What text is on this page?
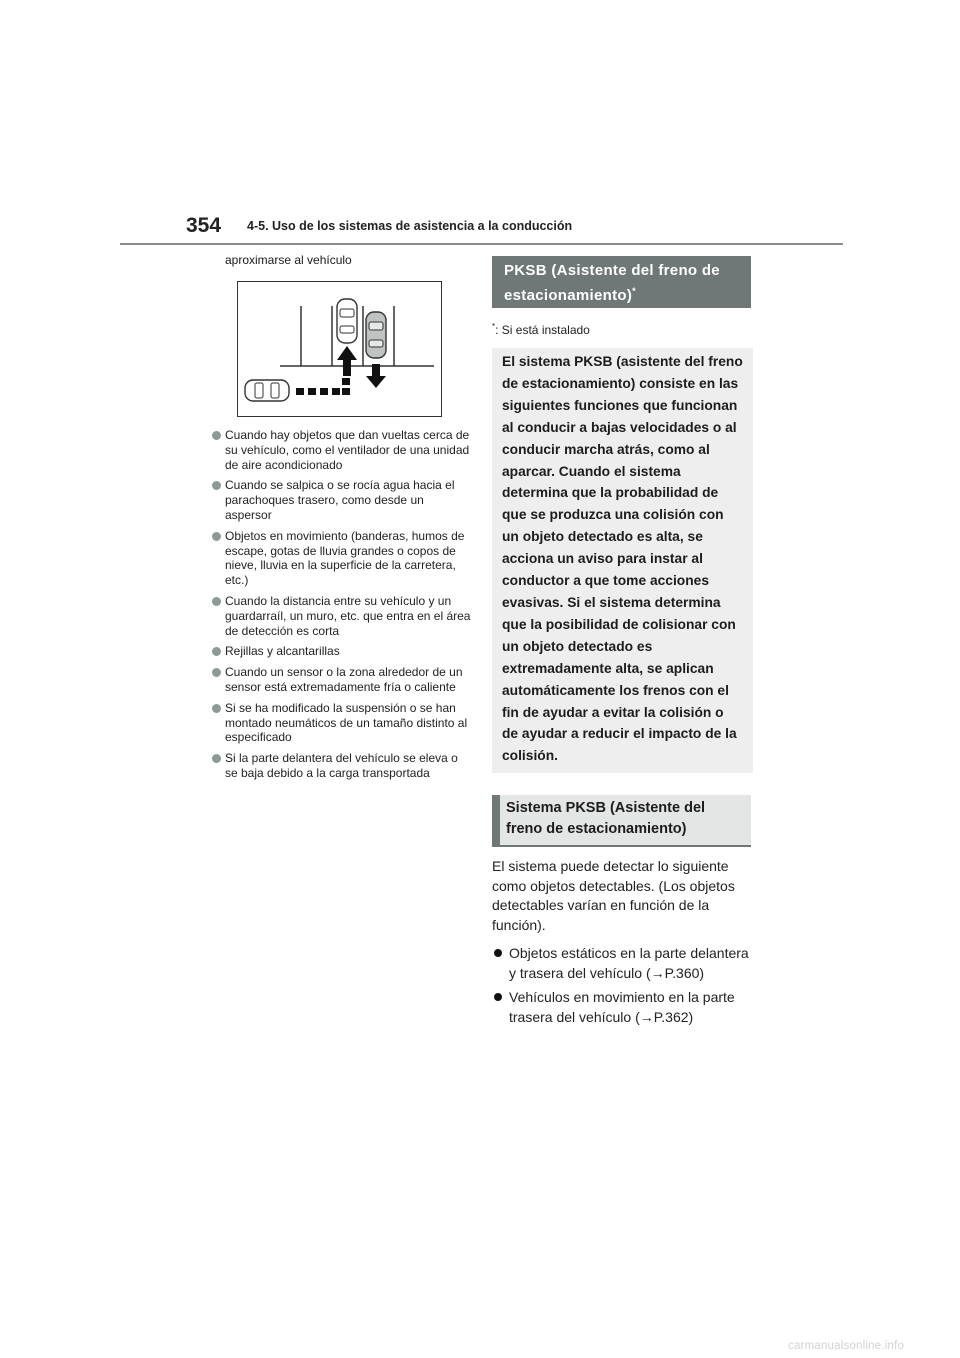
354 4-5. Uso de los sistemas de asistencia a la conducción

aproximarse al vehículo

Cuando hay objetos que dan vueltas cerca de su vehículo, como el ventilador de una unidad de aire acondicionado
Cuando se salpica o se rocía agua hacia el parachoques trasero, como desde un aspersor
Objetos en movimiento (banderas, humos de escape, gotas de lluvia grandes o copos de nieve, lluvia en la superficie de la carretera, etc.)
Cuando la distancia entre su vehículo y un guardarraíl, un muro, etc. que entra en el área de detección es corta
Rejillas y alcantarillas
Cuando un sensor o la zona alrededor de un sensor está extremadamente fría o caliente
Si se ha modificado la suspensión o se han montado neumáticos de un tamaño distinto al especificado
Si la parte delantera del vehículo se eleva o se baja debido a la carga transportada
PKSB (Asistente del freno de estacionamiento)*

*: Si está instalado

El sistema PKSB (asistente del freno de estacionamiento) consiste en las siguientes funciones que funcionan al conducir a bajas velocidades o al conducir marcha atrás, como al aparcar. Cuando el sistema determina que la probabilidad de que se produzca una colisión con un objeto detectado es alta, se acciona un aviso para instar al conductor a que tome acciones evasivas. Si el sistema determina que la posibilidad de colisionar con un objeto detectado es extremadamente alta, se aplican automáticamente los frenos con el fin de ayudar a evitar la colisión o de ayudar a reducir el impacto de la colisión.
Sistema PKSB (Asistente del freno de estacionamiento)

El sistema puede detectar lo siguiente como objetos detectables. (Los objetos detectables varían en función de la función).

Objetos estáticos en la parte delantera y trasera del vehículo (→P.360)
Vehículos en movimiento en la parte trasera del vehículo (→P.362)
carmanualsonline.info
